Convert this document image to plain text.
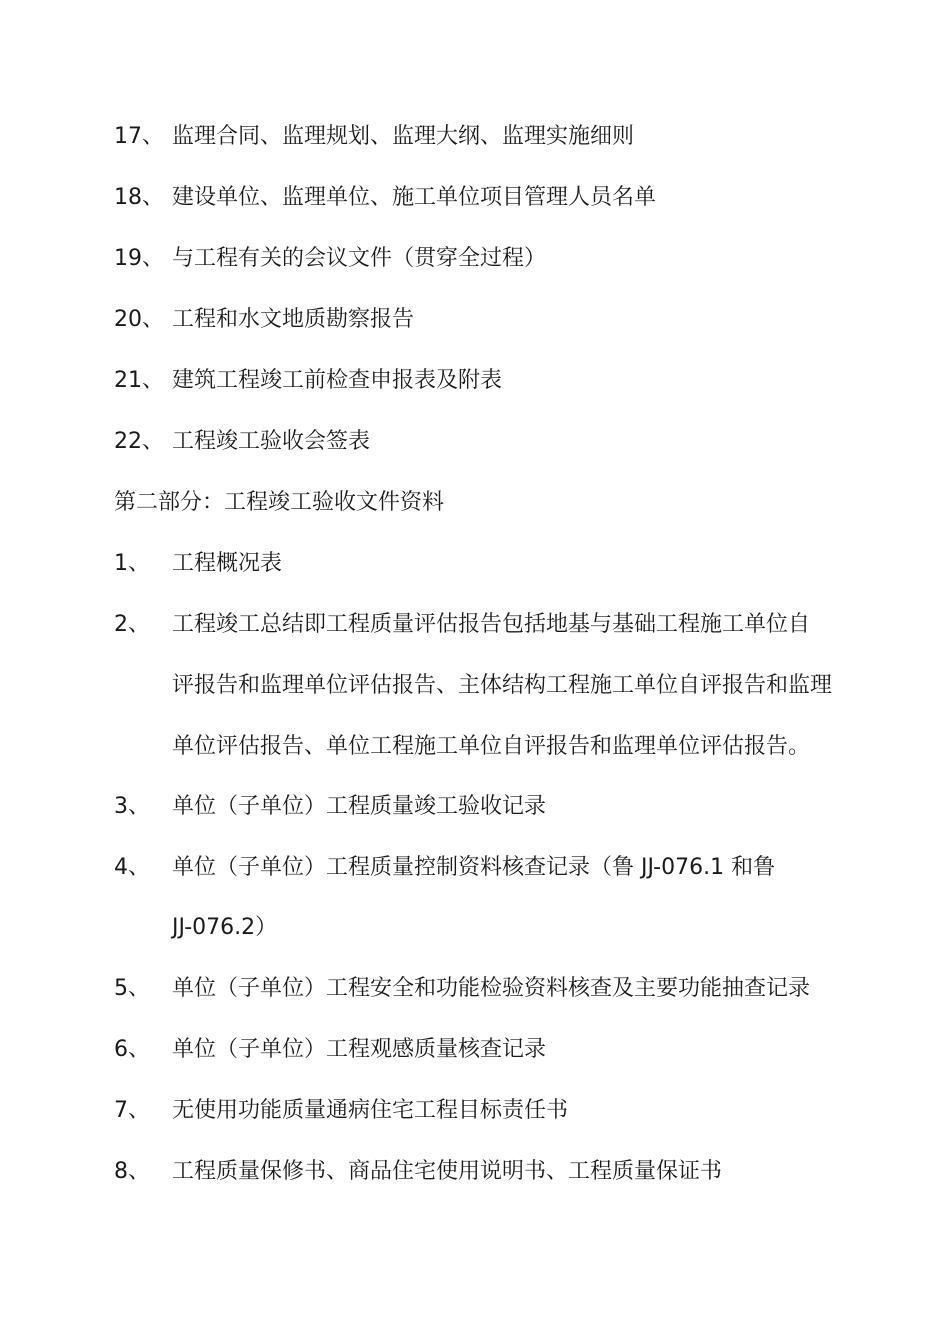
17、 监理合同、监理规划、监理大纲、监理实施细则
18、 建设单位、监理单位、施工单位项目管理人员名单
19、 与工程有关的会议文件（贯穿全过程）
20、 工程和水文地质勘察报告
21、 建筑工程竣工前检查申报表及附表
22、 工程竣工验收会签表
第二部分：工程竣工验收文件资料
1、 工程概况表
2、 工程竣工总结即工程质量评估报告包括地基与基础工程施工单位自
评报告和监理单位评估报告、主体结构工程施工单位自评报告和监理
单位评估报告、单位工程施工单位自评报告和监理单位评估报告。
3、 单位（子单位）工程质量竣工验收记录
4、 单位（子单位）工程质量控制资料核查记录（鲁 JJ-076.1 和鲁
JJ-076.2）
5、 单位（子单位）工程安全和功能检验资料核查及主要功能抽查记录
6、 单位（子单位）工程观感质量核查记录
7、 无使用功能质量通病住宅工程目标责任书
8、 工程质量保修书、商品住宅使用说明书、工程质量保证书
